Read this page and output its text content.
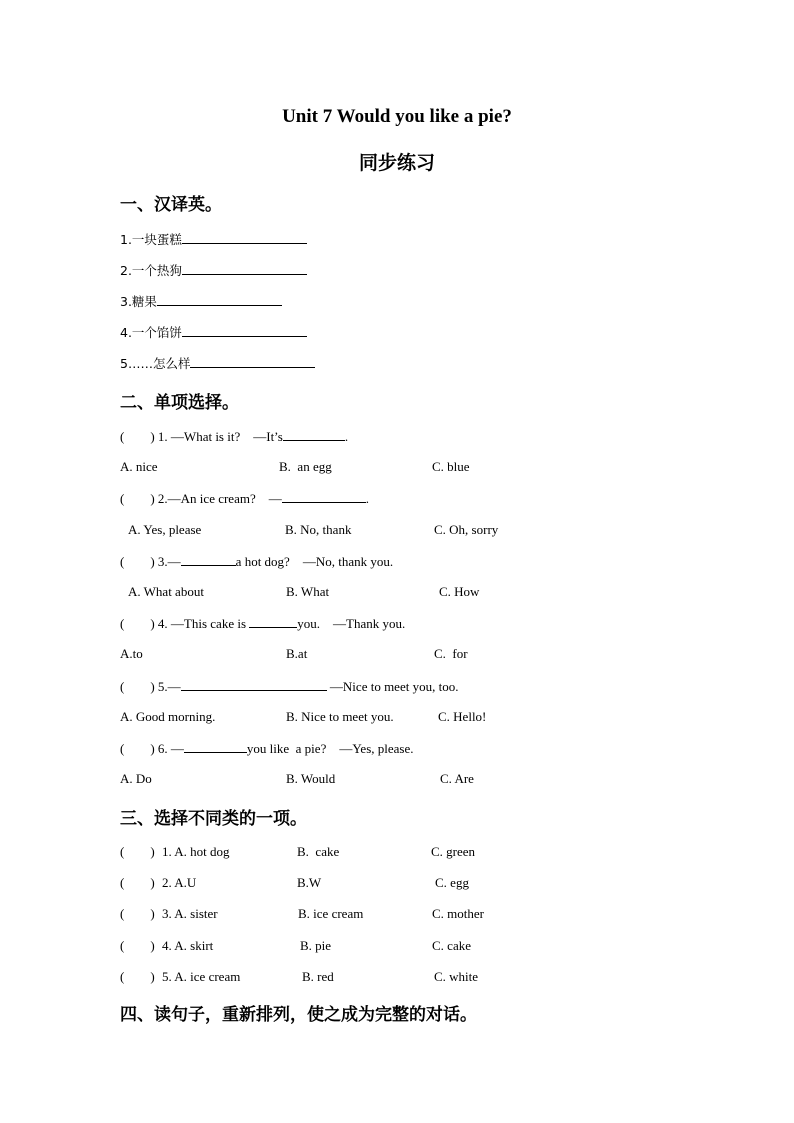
Unit 7 Would you like a pie?
同步练习
一、汉译英。
1.一块蛋糕
2.一个热狗
3.糖果
4.一个馅饼
5……怎么样
二、单项选择。
(        ) 1. —What is it?    —It’s	.
A. nice	B.  an egg	C. blue
(        ) 2.—An ice cream?    —	.
A. Yes, please	B. No, thank	C. Oh, sorry
(        ) 3.—	a hot dog?    —No, thank you.
A. What about	B. What	C. How
(        ) 4. —This cake is	you.    —Thank you.
A.to	B.at	C.  for
(        ) 5.—	—Nice to meet you, too.
A. Good morning.	B. Nice to meet you.	C. Hello!
(        ) 6. —	you like  a pie?    —Yes, please.
A. Do	B. Would	C. Are
三、选择不同类的一项。
(        ) 1. A. hot dog	B.  cake	C. green
(        ) 2. A.U	B.W	C. egg
(        ) 3. A. sister	B. ice cream	C. mother
(        ) 4. A. skirt	B. pie	C. cake
(        ) 5. A. ice cream	B. red	C. white
四、读句子，重新排列，使之成为完整的对话。
